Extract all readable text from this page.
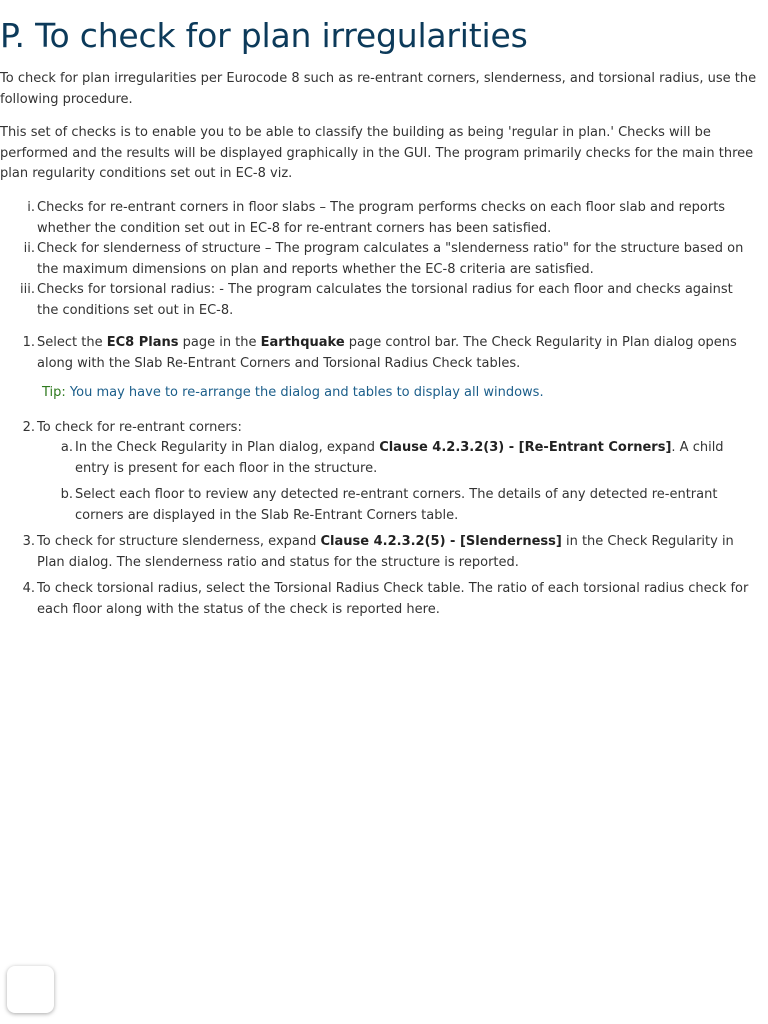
P. To check for plan irregularities

To check for plan irregularities per Eurocode 8 such as re-entrant corners, slenderness, and torsional radius, use the following procedure.

This set of checks is to enable you to be able to classify the building as being 'regular in plan.' Checks will be performed and the results will be displayed graphically in the GUI. The program primarily checks for the main three plan regularity conditions set out in EC-8 viz.

i. Checks for re-entrant corners in floor slabs – The program performs checks on each floor slab and reports whether the condition set out in EC-8 for re-entrant corners has been satisfied.
ii. Check for slenderness of structure – The program calculates a "slenderness ratio" for the structure based on the maximum dimensions on plan and reports whether the EC-8 criteria are satisfied.
iii. Checks for torsional radius: - The program calculates the torsional radius for each floor and checks against the conditions set out in EC-8.
1. Select the EC8 Plans page in the Earthquake page control bar. The Check Regularity in Plan dialog opens along with the Slab Re-Entrant Corners and Torsional Radius Check tables.
Tip: You may have to re-arrange the dialog and tables to display all windows.
2. To check for re-entrant corners:
a. In the Check Regularity in Plan dialog, expand Clause 4.2.3.2(3) - [Re-Entrant Corners]. A child entry is present for each floor in the structure.
b. Select each floor to review any detected re-entrant corners. The details of any detected re-entrant corners are displayed in the Slab Re-Entrant Corners table.
3. To check for structure slenderness, expand Clause 4.2.3.2(5) - [Slenderness] in the Check Regularity in Plan dialog. The slenderness ratio and status for the structure is reported.
4. To check torsional radius, select the Torsional Radius Check table. The ratio of each torsional radius check for each floor along with the status of the check is reported here.
